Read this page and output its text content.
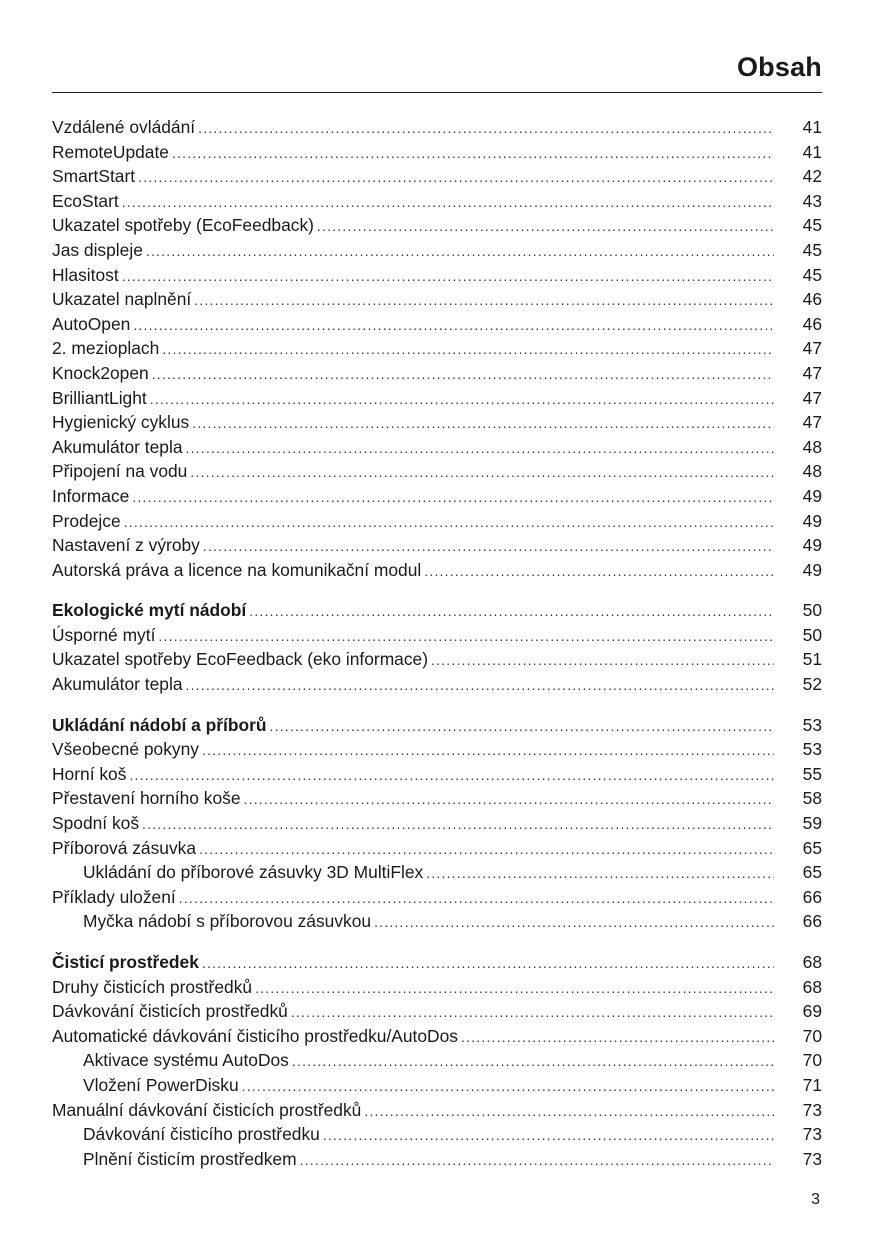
Obsah
Vzdálené ovládání .....	41
RemoteUpdate .....	41
SmartStart .....	42
EcoStart .....	43
Ukazatel spotřeby (EcoFeedback) .....	45
Jas displeje .....	45
Hlasitost .....	45
Ukazatel naplnění .....	46
AutoOpen .....	46
2. mezioplach .....	47
Knock2open .....	47
BrilliantLight .....	47
Hygienický cyklus .....	47
Akumulátor tepla .....	48
Připojení na vodu .....	48
Informace .....	49
Prodejce .....	49
Nastavení z výroby .....	49
Autorská práva a licence na komunikační modul .....	49
Ekologické mytí nádobí .....	50
Úsporné mytí .....	50
Ukazatel spotřeby EcoFeedback (eko informace) .....	51
Akumulátor tepla .....	52
Ukládání nádobí a příborů .....	53
Všeobecné pokyny .....	53
Horní koš .....	55
Přestavení horního koše .....	58
Spodní koš .....	59
Příborová zásuvka .....	65
Ukládání do příborové zásuvky 3D MultiFlex .....	65
Příklady uložení .....	66
Myčka nádobí s příborovou zásuvkou .....	66
Čisticí prostředek .....	68
Druhy čisticích prostředků .....	68
Dávkování čisticích prostředků .....	69
Automatické dávkování čisticího prostředku/AutoDos .....	70
Aktivace systému AutoDos .....	70
Vložení PowerDisku .....	71
Manuální dávkování čisticích prostředků .....	73
Dávkování čisticího prostředku .....	73
Plnění čisticím prostředkem .....	73
3
